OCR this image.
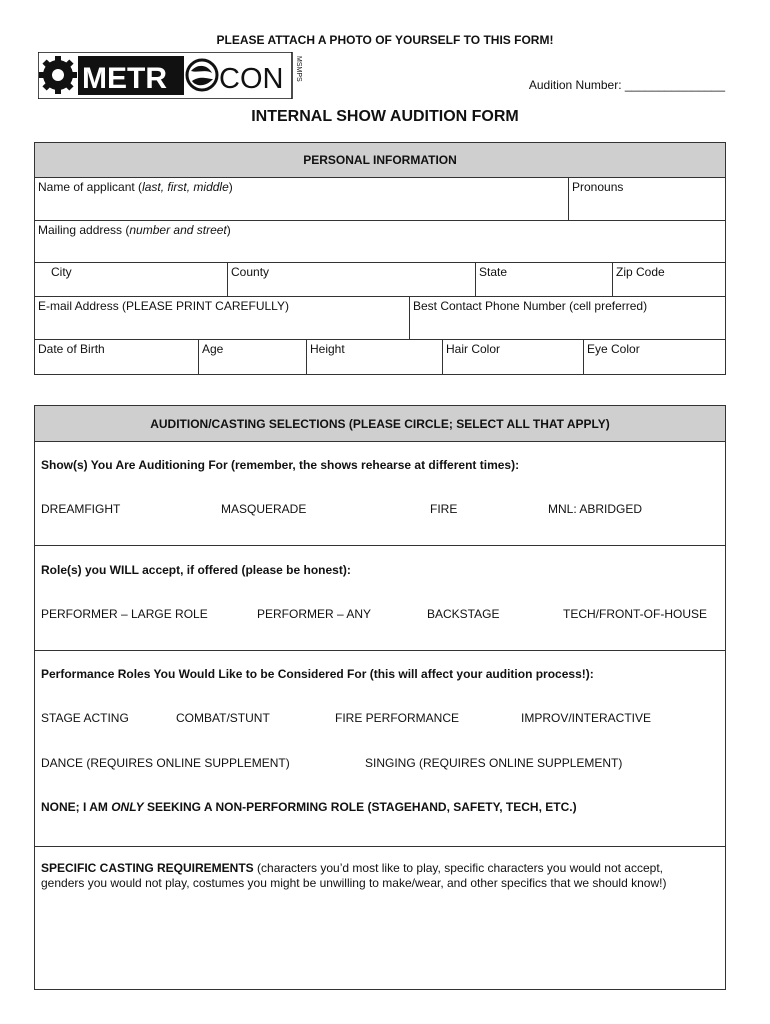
PLEASE ATTACH A PHOTO OF YOURSELF TO THIS FORM!
METR CON MSMPS
Audition Number: _______________
INTERNAL SHOW AUDITION FORM
PERSONAL INFORMATION
Name of applicant (last, first, middle)	Pronouns
Mailing address (number and street)
City	County	State	Zip Code
E-mail Address (PLEASE PRINT CAREFULLY)	Best Contact Phone Number (cell preferred)
Date of Birth	Age	Height	Hair Color	Eye Color
AUDITION/CASTING SELECTIONS (PLEASE CIRCLE; SELECT ALL THAT APPLY)
Show(s) You Are Auditioning For (remember, the shows rehearse at different times):
DREAMFIGHT	MASQUERADE	FIRE	MNL: ABRIDGED
Role(s) you WILL accept, if offered (please be honest):
PERFORMER – LARGE ROLE	PERFORMER – ANY	BACKSTAGE	TECH/FRONT-OF-HOUSE
Performance Roles You Would Like to be Considered For (this will affect your audition process!):
STAGE ACTING	COMBAT/STUNT	FIRE PERFORMANCE	IMPROV/INTERACTIVE
DANCE (REQUIRES ONLINE SUPPLEMENT)	SINGING (REQUIRES ONLINE SUPPLEMENT)
NONE; I AM ONLY SEEKING A NON-PERFORMING ROLE (STAGEHAND, SAFETY, TECH, ETC.)
SPECIFIC CASTING REQUIREMENTS (characters you’d most like to play, specific characters you would not accept, genders you would not play, costumes you might be unwilling to make/wear, and other specifics that we should know!)
